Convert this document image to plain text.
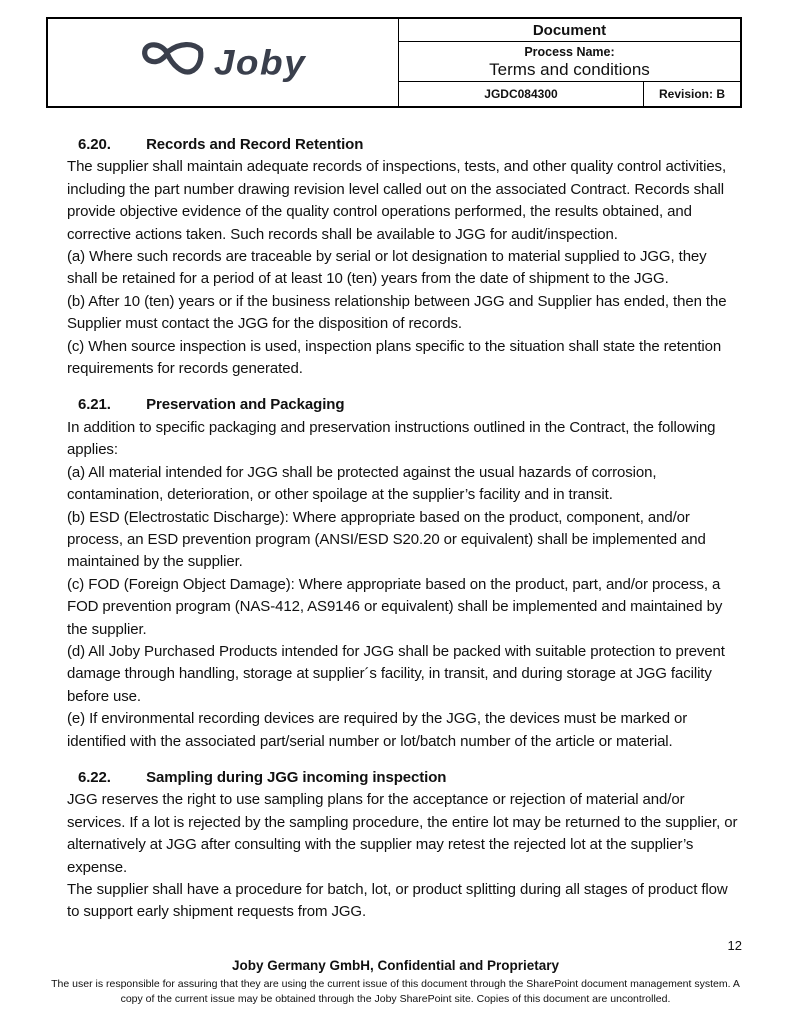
Joby
Document
Process Name:
Terms and conditions
JGDC084300	Revision: B
6.20. Records and Record Retention

The supplier shall maintain adequate records of inspections, tests, and other quality control activities, including the part number drawing revision level called out on the associated Contract. Records shall provide objective evidence of the quality control operations performed, the results obtained, and corrective actions taken. Such records shall be available to JGG for audit/inspection.

(a) Where such records are traceable by serial or lot designation to material supplied to JGG, they shall be retained for a period of at least 10 (ten) years from the date of shipment to the JGG.

(b) After 10 (ten) years or if the business relationship between JGG and Supplier has ended, then the Supplier must contact the JGG for the disposition of records.

(c) When source inspection is used, inspection plans specific to the situation shall state the retention requirements for records generated.

6.21. Preservation and Packaging

In addition to specific packaging and preservation instructions outlined in the Contract, the following applies:

(a) All material intended for JGG shall be protected against the usual hazards of corrosion, contamination, deterioration, or other spoilage at the supplier’s facility and in transit.

(b) ESD (Electrostatic Discharge): Where appropriate based on the product, component, and/or process, an ESD prevention program (ANSI/ESD S20.20 or equivalent) shall be implemented and maintained by the supplier.

(c) FOD (Foreign Object Damage): Where appropriate based on the product, part, and/or process, a FOD prevention program (NAS-412, AS9146 or equivalent) shall be implemented and maintained by the supplier.

(d) All Joby Purchased Products intended for JGG shall be packed with suitable protection to prevent damage through handling, storage at supplier´s facility, in transit, and during storage at JGG facility before use.

(e) If environmental recording devices are required by the JGG, the devices must be marked or identified with the associated part/serial number or lot/batch number of the article or material.

6.22. Sampling during JGG incoming inspection

JGG reserves the right to use sampling plans for the acceptance or rejection of material and/or services. If a lot is rejected by the sampling procedure, the entire lot may be returned to the supplier, or alternatively at JGG after consulting with the supplier may retest the rejected lot at the supplier’s expense.

The supplier shall have a procedure for batch, lot, or product splitting during all stages of product flow to support early shipment requests from JGG.

12
Joby Germany GmbH, Confidential and Proprietary
The user is responsible for assuring that they are using the current issue of this document through the SharePoint document management system. A copy of the current issue may be obtained through the Joby SharePoint site. Copies of this document are uncontrolled.
